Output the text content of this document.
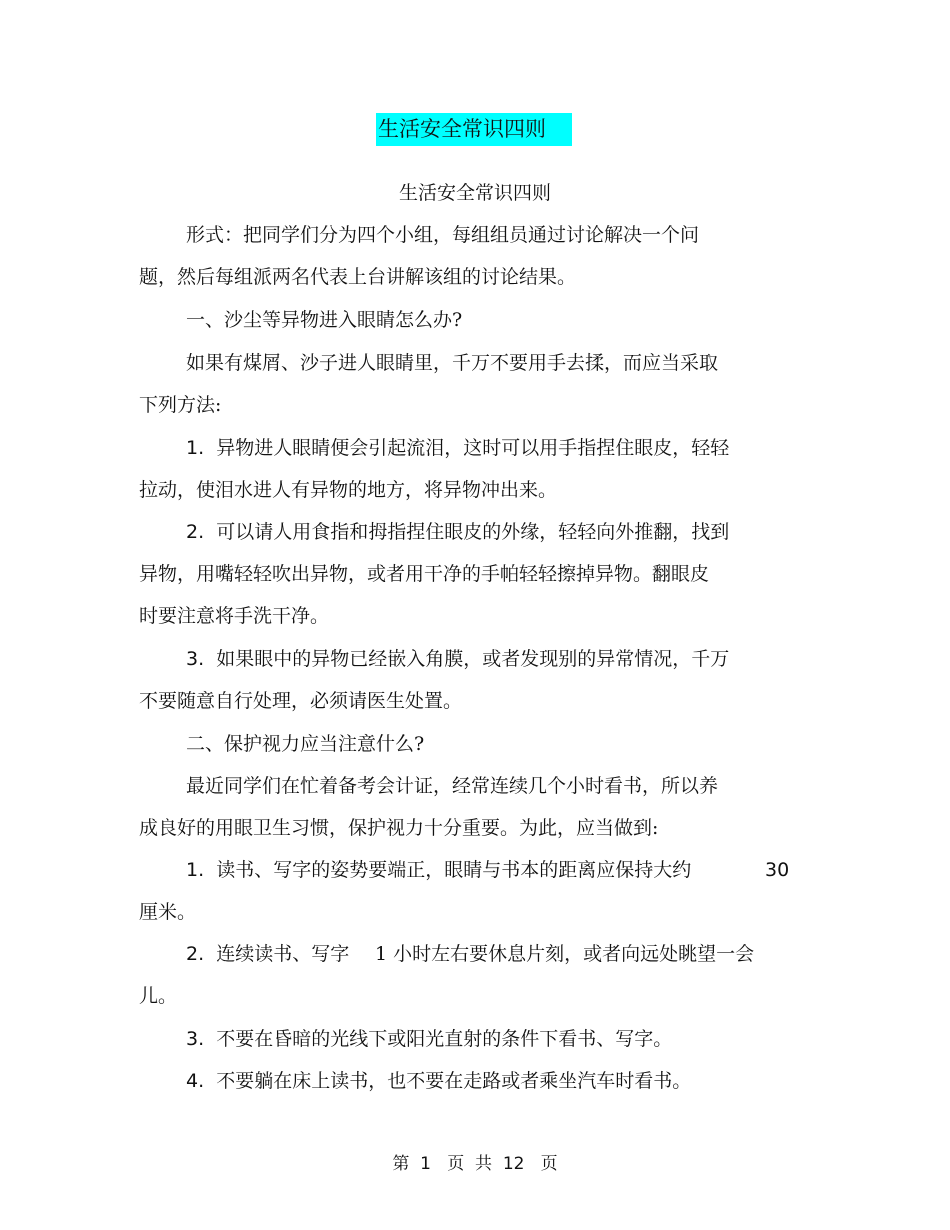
生活安全常识四则
生活安全常识四则
形式：把同学们分为四个小组，每组组员通过讨论解决一个问
题，然后每组派两名代表上台讲解该组的讨论结果。
一、沙尘等异物进入眼睛怎么办?
如果有煤屑、沙子进人眼睛里，千万不要用手去揉，而应当采取
下列方法:
1. 异物进人眼睛便会引起流泪，这时可以用手指捏住眼皮，轻轻
拉动，使泪水进人有异物的地方，将异物冲出来。
2. 可以请人用食指和拇指捏住眼皮的外缘，轻轻向外推翻，找到
异物，用嘴轻轻吹出异物，或者用干净的手帕轻轻擦掉异物。翻眼皮
时要注意将手洗干净。
3. 如果眼中的异物已经嵌入角膜，或者发现别的异常情况，千万
不要随意自行处理，必须请医生处置。
二、保护视力应当注意什么?
最近同学们在忙着备考会计证，经常连续几个小时看书，所以养
成良好的用眼卫生习惯，保护视力十分重要。为此，应当做到:
1. 读书、写字的姿势要端正，眼睛与书本的距离应保持大约	30
厘米。
2. 连续读书、写字 1 小时左右要休息片刻，或者向远处眺望一会
儿。
3. 不要在昏暗的光线下或阳光直射的条件下看书、写字。
4. 不要躺在床上读书，也不要在走路或者乘坐汽车时看书。
第 1 页 共 12 页
